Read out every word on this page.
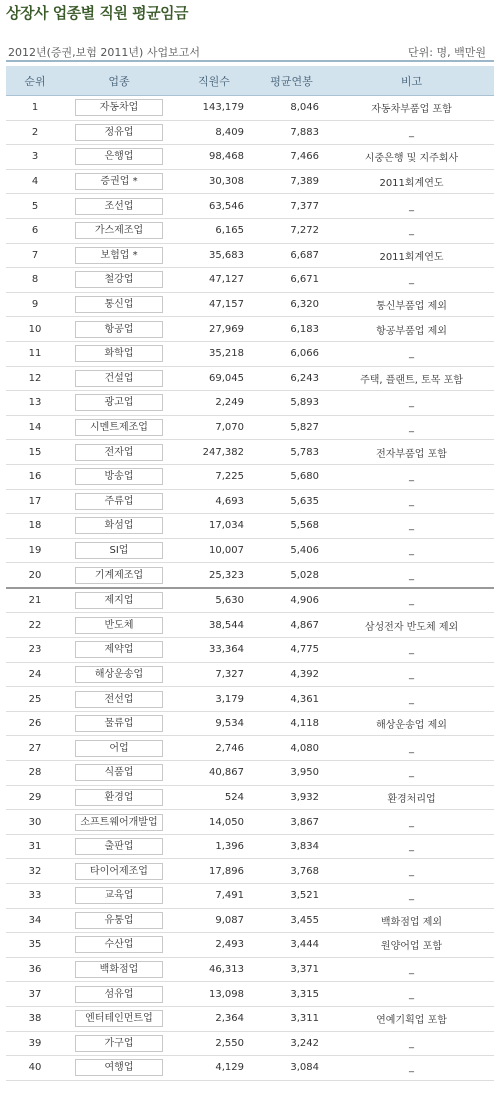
상장사 업종별 직원 평균임금
2012년(증권,보험 2011년) 사업보고서	단위: 명, 백만원
순위	업종	직원수	평균연봉	비고
1	자동차업	143,179	8,046	자동차부품업 포함
2	정유업	8,409	7,883	_
3	은행업	98,468	7,466	시중은행 및 지주회사
4	증권업 *	30,308	7,389	2011회계연도
5	조선업	63,546	7,377	_
6	가스제조업	6,165	7,272	_
7	보험업 *	35,683	6,687	2011회계연도
8	철강업	47,127	6,671	_
9	통신업	47,157	6,320	통신부품업 제외
10	항공업	27,969	6,183	항공부품업 제외
11	화학업	35,218	6,066	_
12	건설업	69,045	6,243	주택, 플랜트, 토목 포함
13	광고업	2,249	5,893	_
14	시멘트제조업	7,070	5,827	_
15	전자업	247,382	5,783	전자부품업 포함
16	방송업	7,225	5,680	_
17	주류업	4,693	5,635	_
18	화섬업	17,034	5,568	_
19	SI업	10,007	5,406	_
20	기계제조업	25,323	5,028	_
21	제지업	5,630	4,906	_
22	반도체	38,544	4,867	삼성전자 반도체 제외
23	제약업	33,364	4,775	_
24	해상운송업	7,327	4,392	_
25	전선업	3,179	4,361	_
26	물류업	9,534	4,118	해상운송업 제외
27	어업	2,746	4,080	_
28	식품업	40,867	3,950	_
29	환경업	524	3,932	환경처리업
30	소프트웨어개발업	14,050	3,867	_
31	출판업	1,396	3,834	_
32	타이어제조업	17,896	3,768	_
33	교육업	7,491	3,521	_
34	유통업	9,087	3,455	백화점업 제외
35	수산업	2,493	3,444	원양어업 포함
36	백화점업	46,313	3,371	_
37	섬유업	13,098	3,315	_
38	엔터테인먼트업	2,364	3,311	연예기획업 포함
39	가구업	2,550	3,242	_
40	여행업	4,129	3,084	_
